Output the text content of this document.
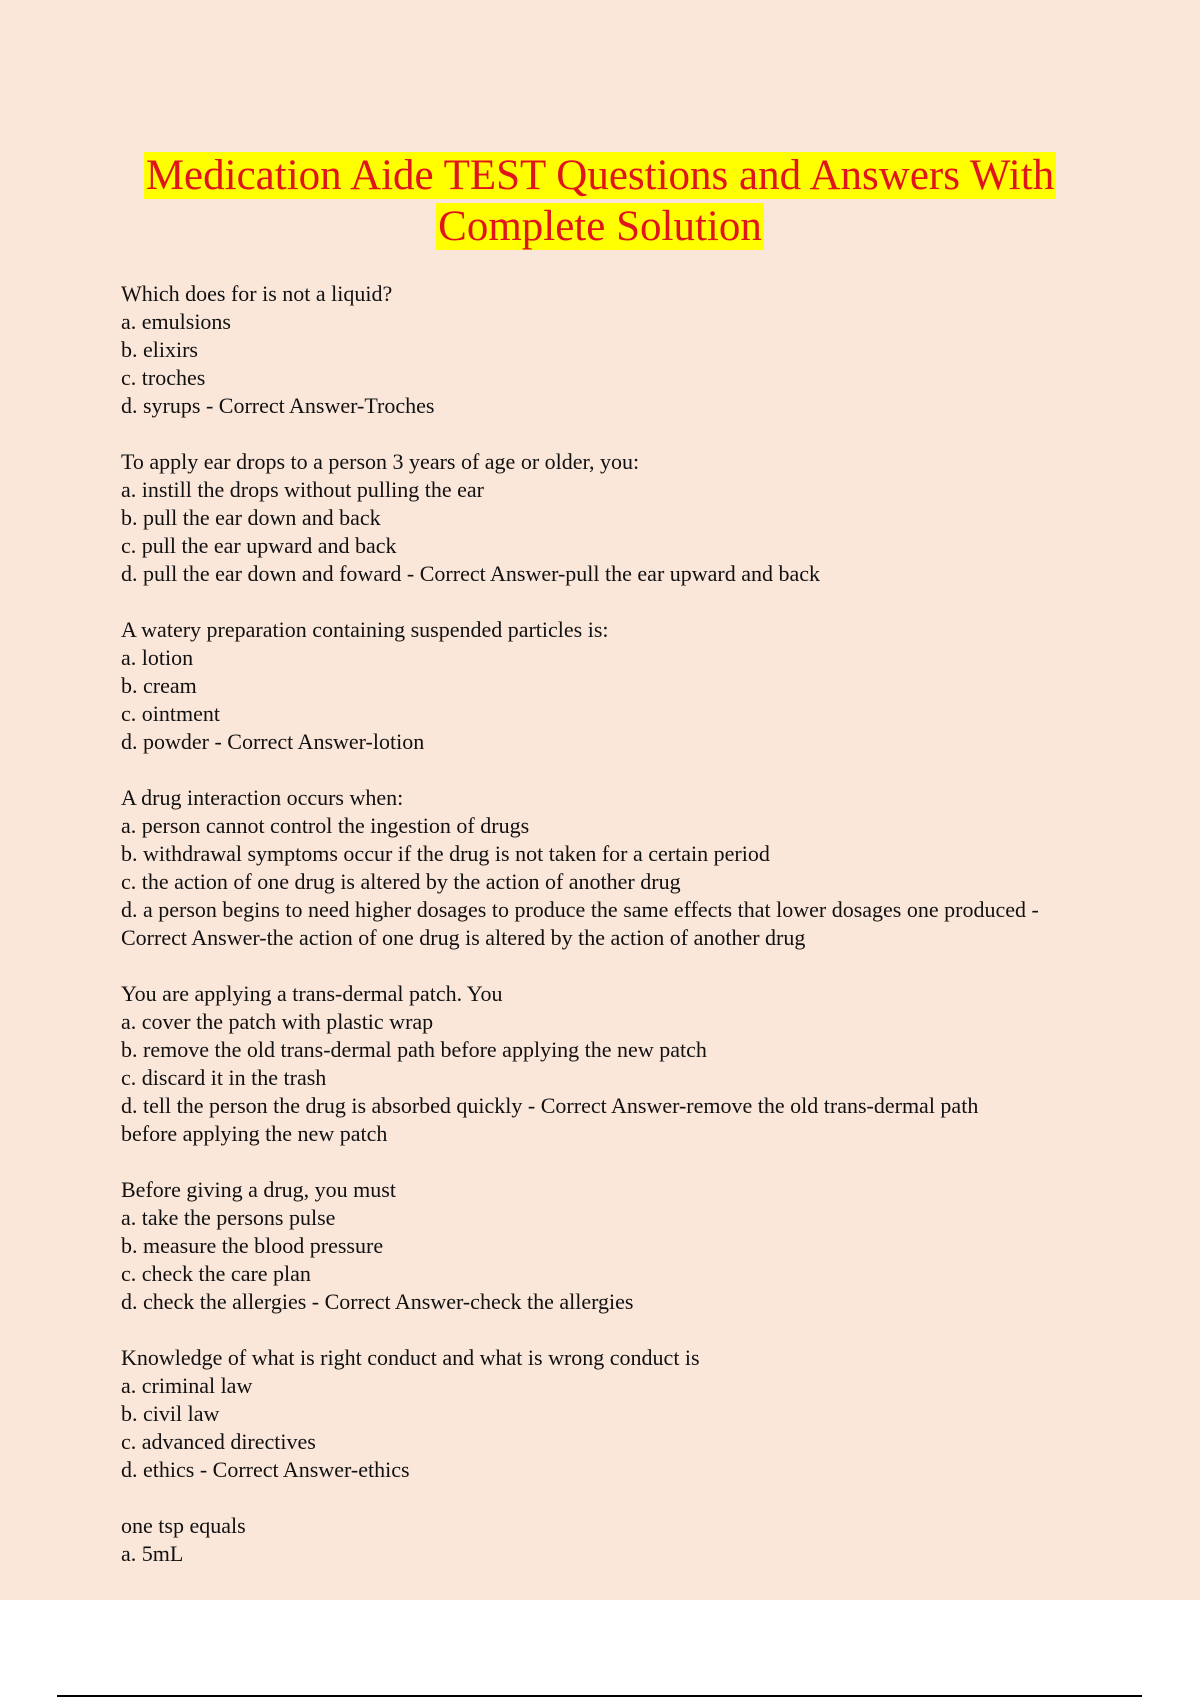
Medication Aide TEST Questions and Answers With
Complete Solution
Which does for is not a liquid?
a. emulsions
b. elixirs
c. troches
d. syrups - Correct Answer-Troches
To apply ear drops to a person 3 years of age or older, you:
a. instill the drops without pulling the ear
b. pull the ear down and back
c. pull the ear upward and back
d. pull the ear down and foward - Correct Answer-pull the ear upward and back
A watery preparation containing suspended particles is:
a. lotion
b. cream
c. ointment
d. powder - Correct Answer-lotion
A drug interaction occurs when:
a. person cannot control the ingestion of drugs
b. withdrawal symptoms occur if the drug is not taken for a certain period
c. the action of one drug is altered by the action of another drug
d. a person begins to need higher dosages to produce the same effects that lower dosages one produced -
Correct Answer-the action of one drug is altered by the action of another drug
You are applying a trans-dermal patch. You
a. cover the patch with plastic wrap
b. remove the old trans-dermal path before applying the new patch
c. discard it in the trash
d. tell the person the drug is absorbed quickly - Correct Answer-remove the old trans-dermal path
before applying the new patch
Before giving a drug, you must
a. take the persons pulse
b. measure the blood pressure
c. check the care plan
d. check the allergies - Correct Answer-check the allergies
Knowledge of what is right conduct and what is wrong conduct is
a. criminal law
b. civil law
c. advanced directives
d. ethics - Correct Answer-ethics
one tsp equals
a. 5mL
